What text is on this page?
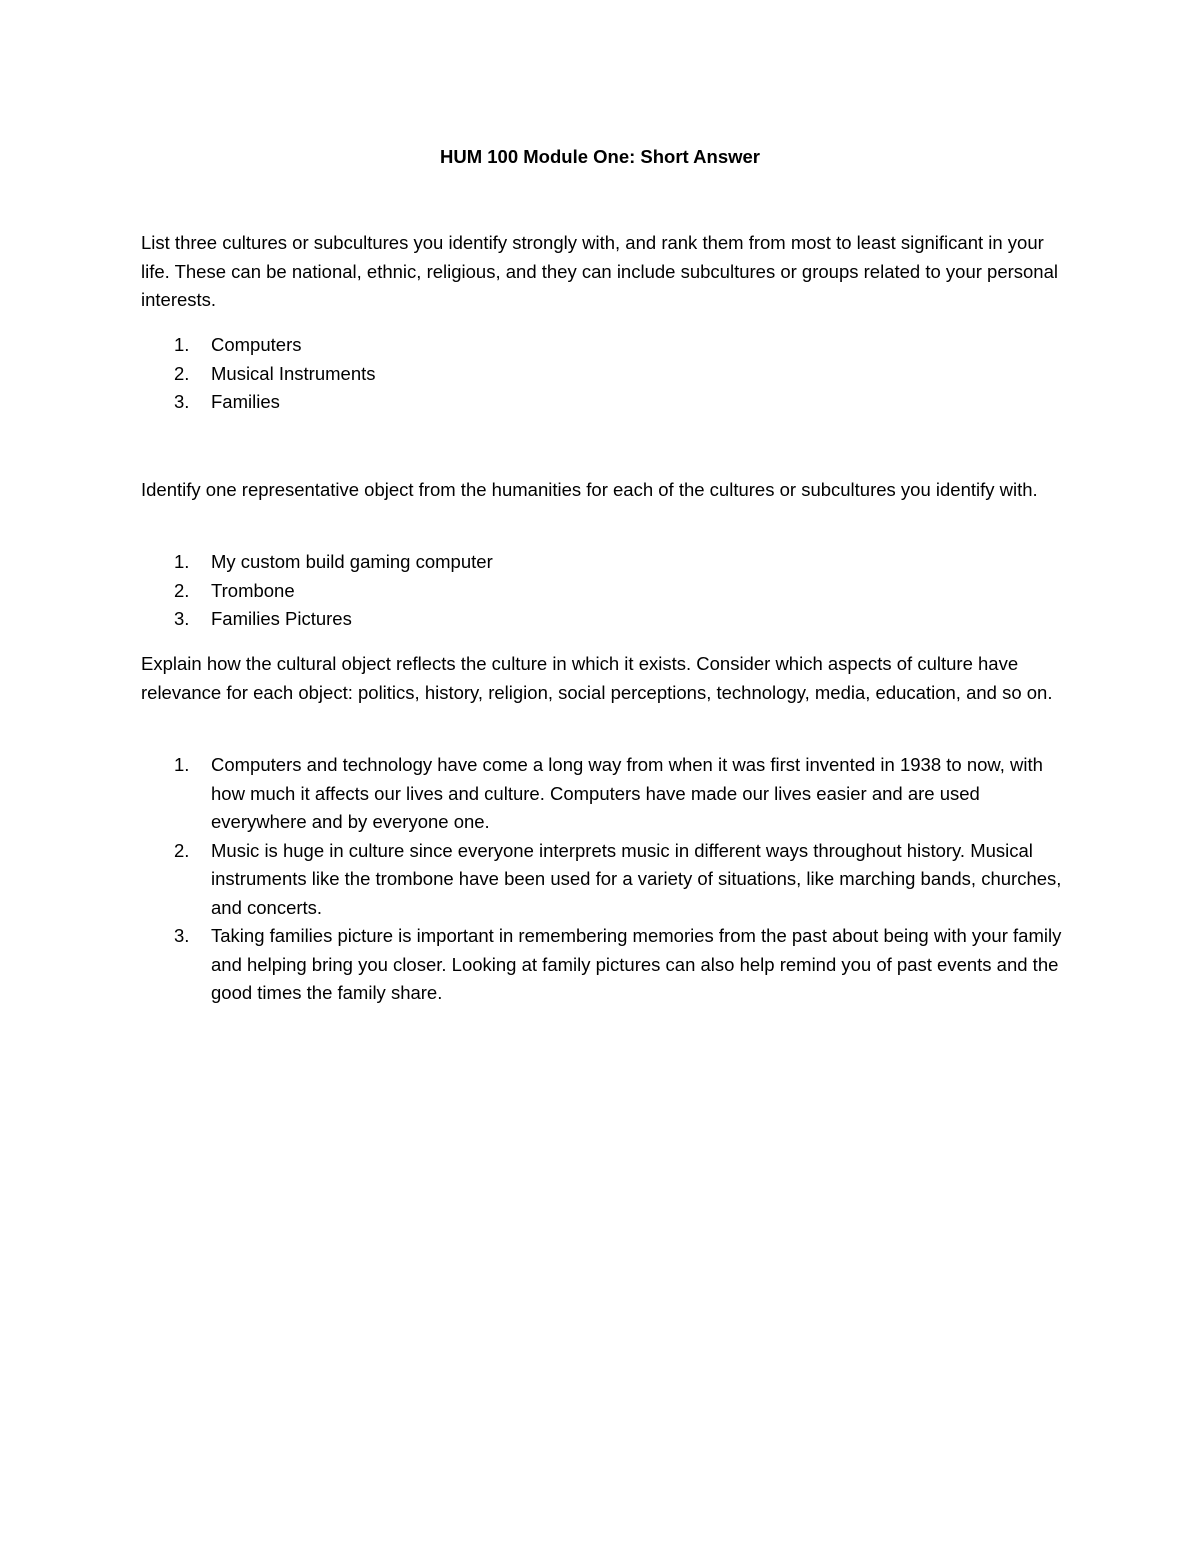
HUM 100 Module One: Short Answer

List three cultures or subcultures you identify strongly with, and rank them from most to least significant in your life. These can be national, ethnic, religious, and they can include subcultures or groups related to your personal interests.

1. Computers
2. Musical Instruments
3. Families

Identify one representative object from the humanities for each of the cultures or subcultures you identify with.

1. My custom build gaming computer
2. Trombone
3. Families Pictures

Explain how the cultural object reflects the culture in which it exists. Consider which aspects of culture have relevance for each object: politics, history, religion, social perceptions, technology, media, education, and so on.

1. Computers and technology have come a long way from when it was first invented in 1938 to now, with how much it affects our lives and culture. Computers have made our lives easier and are used everywhere and by everyone one.
2. Music is huge in culture since everyone interprets music in different ways throughout history. Musical instruments like the trombone have been used for a variety of situations, like marching bands, churches, and concerts.
3. Taking families picture is important in remembering memories from the past about being with your family and helping bring you closer. Looking at family pictures can also help remind you of past events and the good times the family share.
